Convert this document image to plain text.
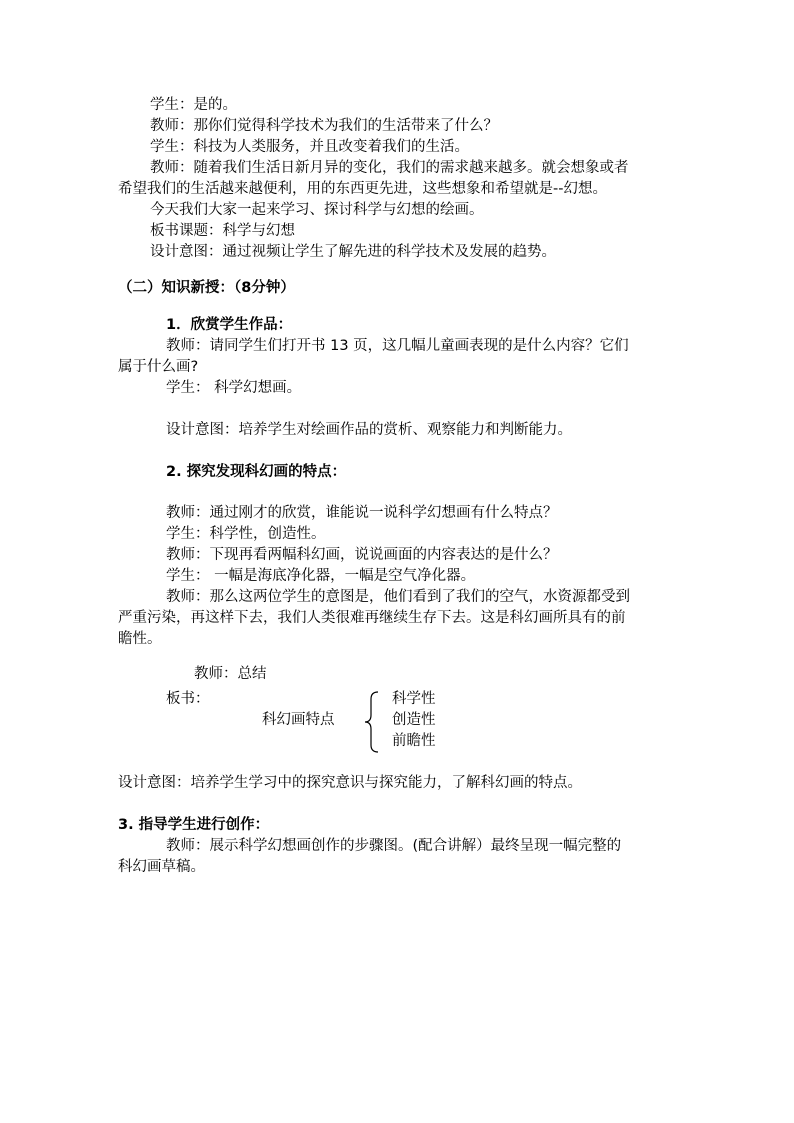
学生：是的。
教师：那你们觉得科学技术为我们的生活带来了什么？
学生：科技为人类服务，并且改变着我们的生活。
教师：随着我们生活日新月异的变化，我们的需求越来越多。就会想象或者
希望我们的生活越来越便利，用的东西更先进，这些想象和希望就是--幻想。
今天我们大家一起来学习、探讨科学与幻想的绘画。
板书课题：科学与幻想
设计意图：通过视频让学生了解先进的科学技术及发展的趋势。
（二）知识新授：（8分钟）
1．欣赏学生作品：
教师：请同学生们打开书 13 页，这几幅儿童画表现的是什么内容？它们
属于什么画?
学生： 科学幻想画。
设计意图：培养学生对绘画作品的赏析、观察能力和判断能力。
2. 探究发现科幻画的特点：
教师：通过刚才的欣赏，谁能说一说科学幻想画有什么特点？
学生：科学性，创造性。
教师：下现再看两幅科幻画，说说画面的内容表达的是什么？
学生： 一幅是海底净化器，一幅是空气净化器。
教师：那么这两位学生的意图是，他们看到了我们的空气，水资源都受到
严重污染，再这样下去，我们人类很难再继续生存下去。这是科幻画所具有的前
瞻性。
教师：总结
板书：
科幻画特点
科学性
创造性
前瞻性
设计意图：培养学生学习中的探究意识与探究能力，了解科幻画的特点。
3. 指导学生进行创作：
教师：展示科学幻想画创作的步骤图。(配合讲解）最终呈现一幅完整的
科幻画草稿。
